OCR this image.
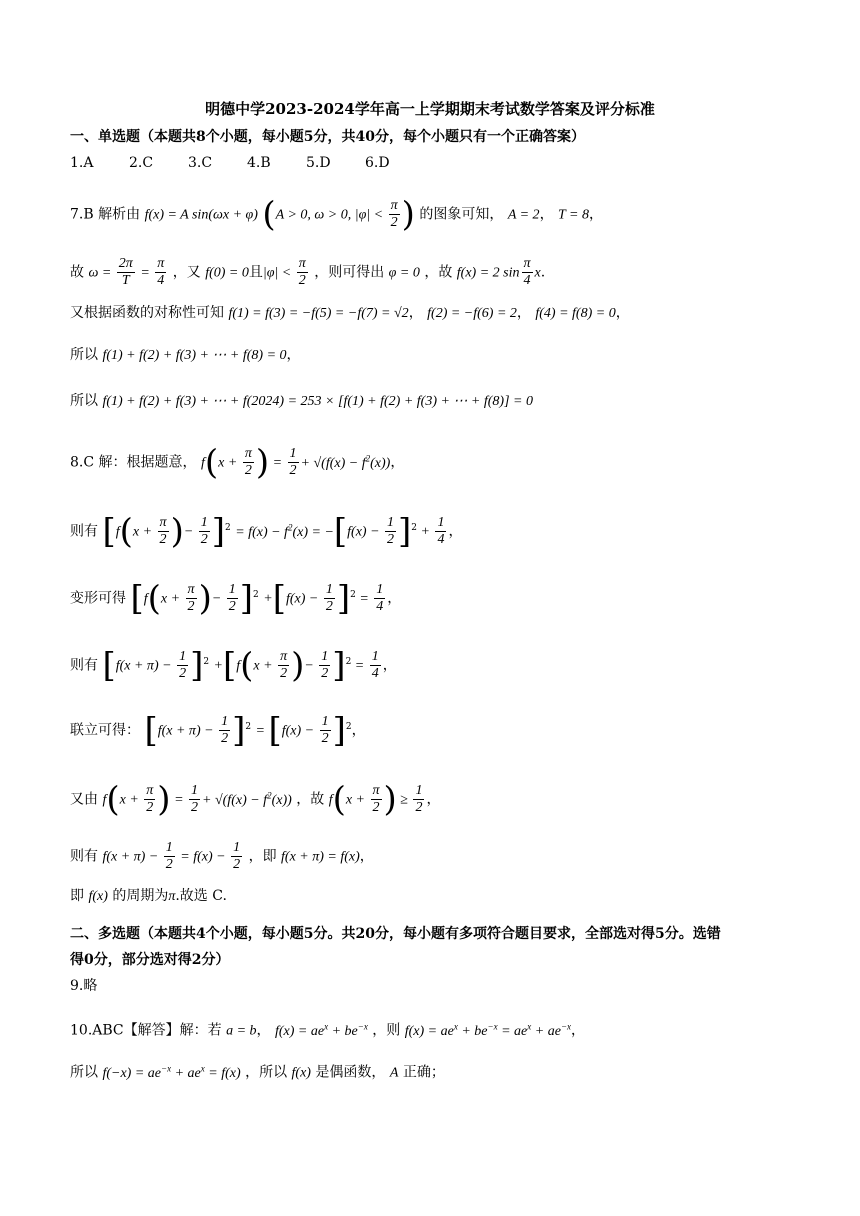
明德中学2023-2024学年高一上学期期末考试数学答案及评分标准
一、单选题（本题共8个小题，每小题5分，共40分，每个小题只有一个正确答案）
1.A	2.C 3.C 4.B	5.D 6.D
7.B 解析由 f(x) = A sin(ωx + φ) (A > 0, ω > 0, $|\varphi| < \frac{\pi}{2}$ ) 的图象可知， A = 2， T = 8，
故 $\omega = \frac{2\pi}{T} = \frac{\pi}{4}$ ，又 f(0) = 0且$|\varphi| < \frac{\pi}{2}$ ，则可得出 φ = 0 ，故 f(x) = 2 $\sin \frac{\pi}{4} x$.
又根据函数的对称性可知 f(1) = f(3) = −f(5) = −f(7) = √2， f(2) = −f(6) = 2， f(4) = f(8) = 0，
所以 f(1) + f(2) + f(3) + ⋯ + f(8) = 0，
所以 f(1) + f(2) + f(3) + ⋯ + f(2024) = 253 × [f(1) + f(2) + f(3) + ⋯ + f(8)] = 0
8.C 解：根据题意， $f(x + \frac{\pi}{2}$ ) = $\frac{1}{2} + √(f(x) - f^2(x))$，
则有 [$f(x + \frac{\pi}{2}$ )− $\frac{1}{2} ]^2 = f(x) - f^2(x) = -[f(x) - \frac{1}{2} ]^2 + \frac{1}{4}$ ，
变形可得 [$f(x + \frac{\pi}{2}$ )− $\frac{1}{2} ]^2 +[f(x) - \frac{1}{2} ]^2 = \frac{1}{4}$ ，
则有 $[f(x + \pi) - \frac{1}{2} ]^2 +[f(x + \frac{\pi}{2}$ )− $\frac{1}{2} ]^2 = \frac{1}{4}$ ，
联立可得： $[f(x + \pi) - \frac{1}{2} ]^2 = [f(x) - \frac{1}{2} ]^2$，
又由 $f(x + \frac{\pi}{2}$ ) = $\frac{1}{2} + √(f(x) - f^2(x))$ ，故 $f(x + \frac{\pi}{2}$ ) ≥ $\frac{1}{2}$ ，
则有 $f(x + \pi) - \frac{1}{2} = f(x) - \frac{1}{2}$ ，即 f(x + π) = f(x)，
即 f(x) 的周期为π.故选 C.
二、多选题（本题共4个小题，每小题5分。共20分，每小题有多项符合题目要求，全部选对得5分。选错
得0分，部分选对得2分）
9.略
10.ABC【解答】解：若 a = b， $f(x) = ae^x + be^{-x}$ ，则 $f(x) = ae^x + be^{-x} = ae^x + ae^{-x}$，
所以 $f(-x) = ae^{-x} + ae^x = f(x)$ ，所以 f(x) 是偶函数， A 正确；
